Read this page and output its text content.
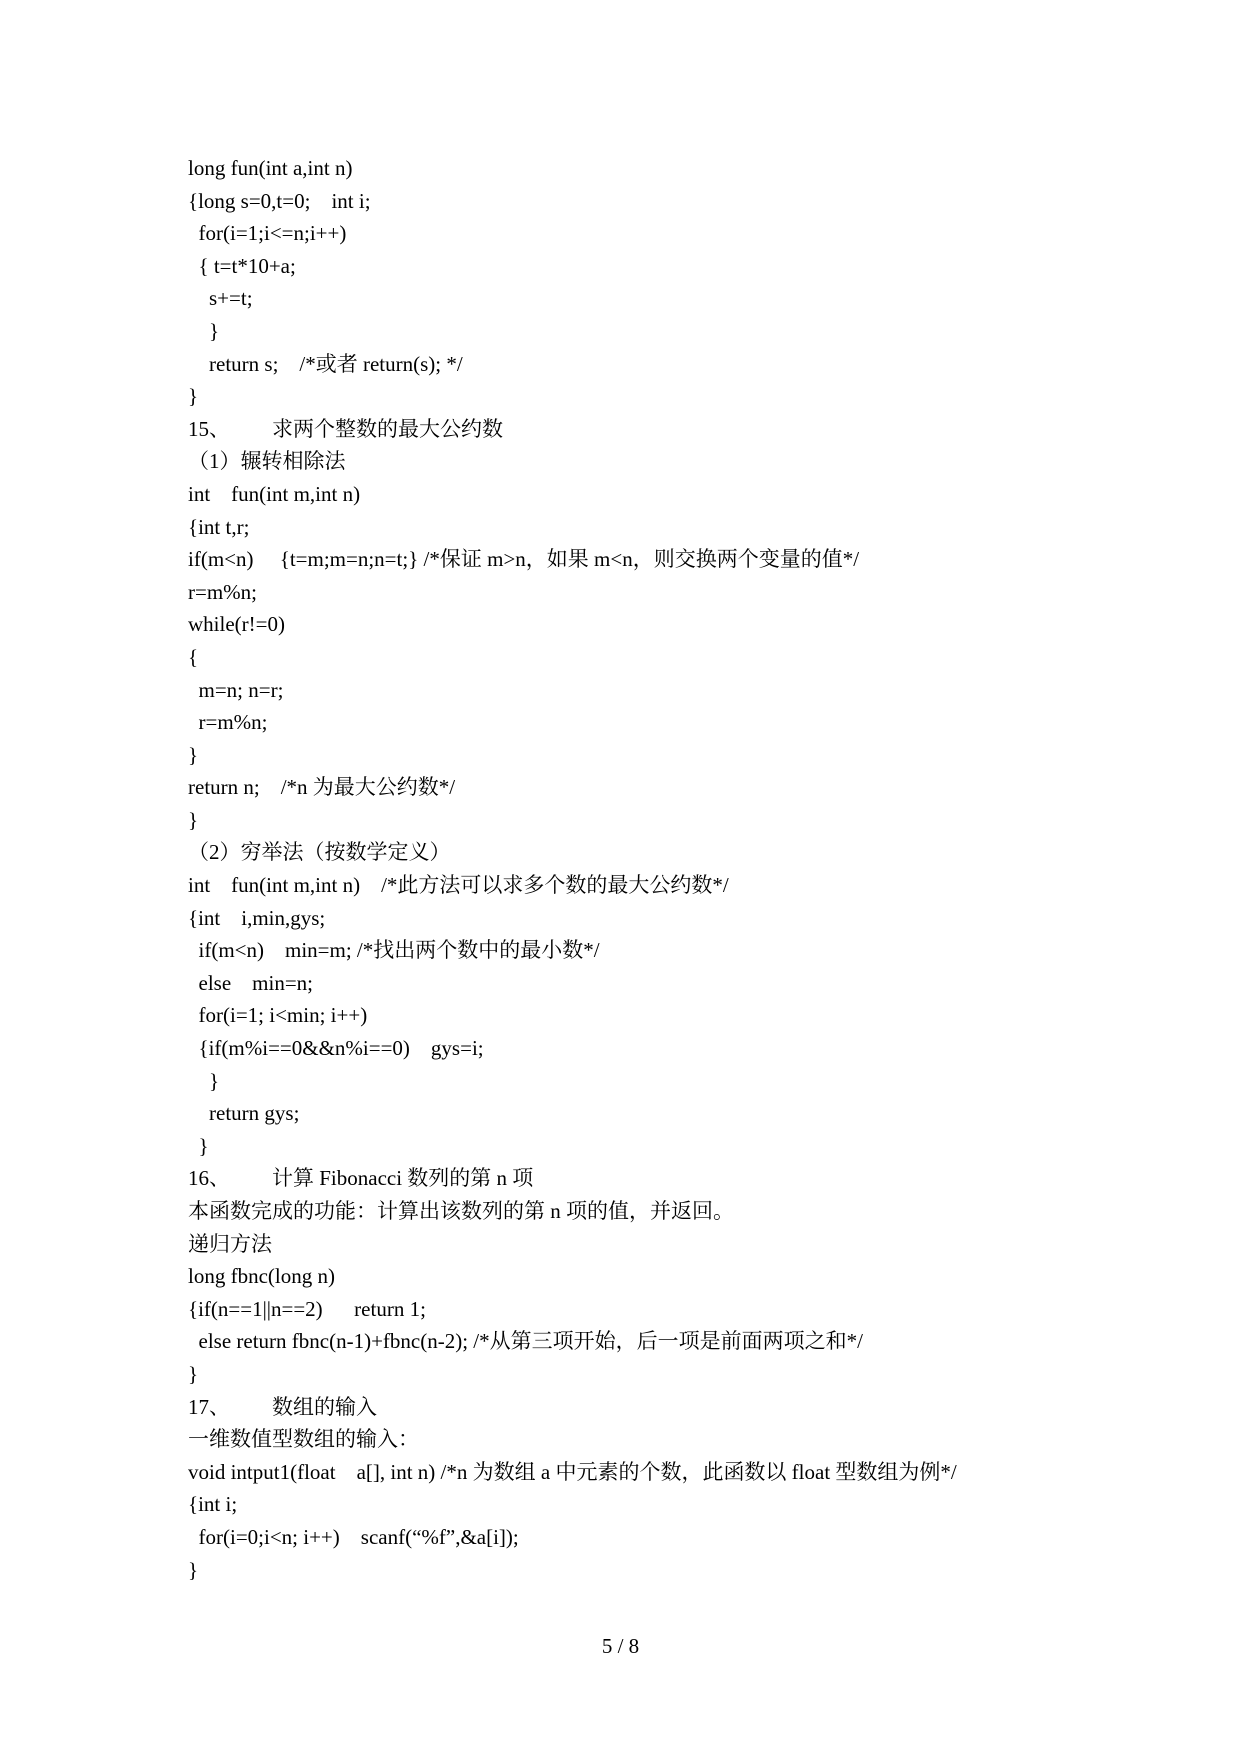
long fun(int a,int n)
{long s=0,t=0;    int i;
for(i=1;i<=n;i++)
{ t=t*10+a;
s+=t;
}
return s;    /*或者 return(s); */
}
15、        求两个整数的最大公约数
（1）辗转相除法
int    fun(int m,int n)
{int t,r;
if(m<n)     {t=m;m=n;n=t;} /*保证 m>n，如果 m<n，则交换两个变量的值*/
r=m%n;
while(r!=0)
{
m=n; n=r;
r=m%n;
}
return n;    /*n 为最大公约数*/
}
（2）穷举法（按数学定义）
int    fun(int m,int n)    /*此方法可以求多个数的最大公约数*/
{int    i,min,gys;
if(m<n)    min=m; /*找出两个数中的最小数*/
else    min=n;
for(i=1; i<min; i++)
{if(m%i==0&&n%i==0)    gys=i;
}
return gys;
}
16、        计算 Fibonacci 数列的第 n 项
本函数完成的功能：计算出该数列的第 n 项的值，并返回。
递归方法
long fbnc(long n)
{if(n==1||n==2)      return 1;
else return fbnc(n-1)+fbnc(n-2); /*从第三项开始，后一项是前面两项之和*/
}
17、        数组的输入
一维数值型数组的输入：
void intput1(float    a[], int n) /*n 为数组 a 中元素的个数，此函数以 float 型数组为例*/
{int i;
for(i=0;i<n; i++)    scanf(“%f”,&a[i]);
}
5 / 8
